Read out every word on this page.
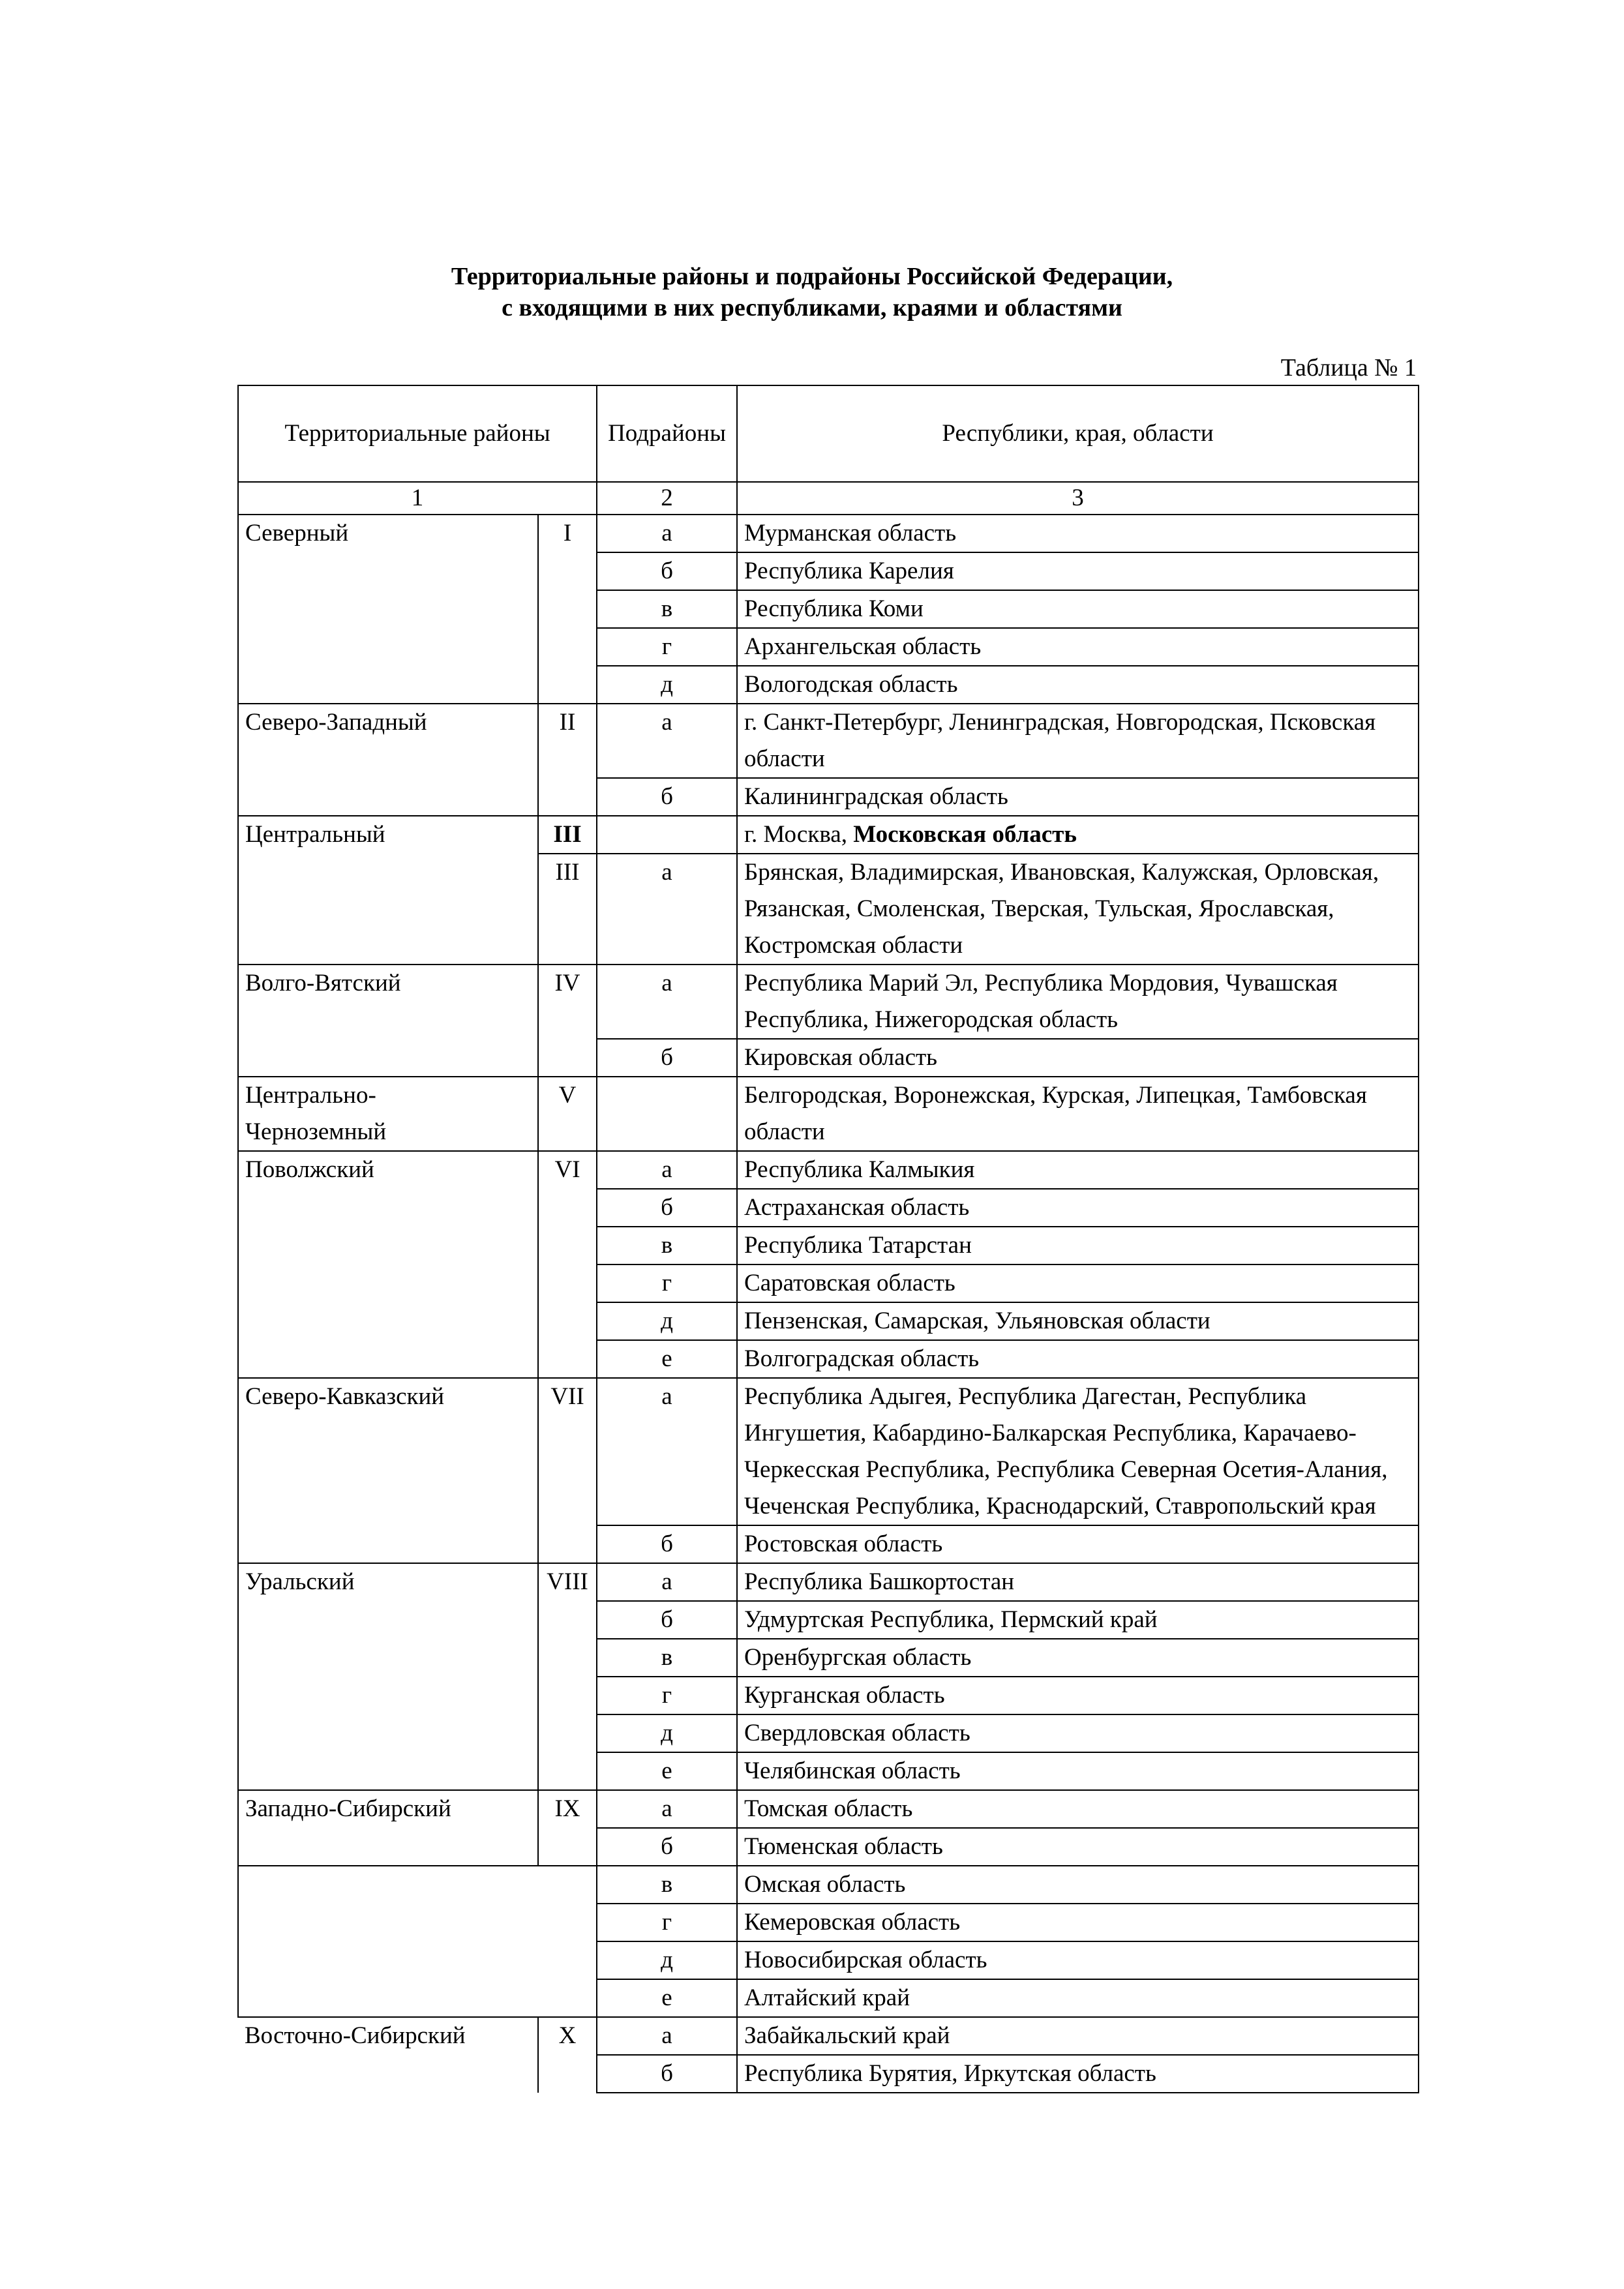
Территориальные районы и подрайоны Российской Федерации,
с входящими в них республиками, краями и областями
Таблица № 1
Территориальные районы		Подрайоны	Республики, края, области
1		2	3
Северный	I	а	Мурманская область
		б	Республика Карелия
		в	Республика Коми
		г	Архангельская область
		д	Вологодская область
Северо-Западный	II	а	г. Санкт-Петербург, Ленинградская, Новгородская, Псковская области
		б	Калининградская область
Центральный	III		г. Москва, Московская область
	III	а	Брянская, Владимирская, Ивановская, Калужская, Орловская, Рязанская, Смоленская, Тверская, Тульская, Ярославская, Костромская области
Волго-Вятский	IV	а	Республика Марий Эл, Республика Мордовия, Чувашская Республика, Нижегородская область
		б	Кировская область
Центрально-Черноземный	V		Белгородская, Воронежская, Курская, Липецкая, Тамбовская области
Поволжский	VI	а	Республика Калмыкия
		б	Астраханская область
		в	Республика Татарстан
		г	Саратовская область
		д	Пензенская, Самарская, Ульяновская области
		е	Волгоградская область
Северо-Кавказский	VII	а	Республика Адыгея, Республика Дагестан, Республика Ингушетия, Кабардино-Балкарская Республика, Карачаево-Черкесская Республика, Республика Северная Осетия-Алания, Чеченская Республика, Краснодарский, Ставропольский края
		б	Ростовская область
Уральский	VIII	а	Республика Башкортостан
		б	Удмуртская Республика, Пермский край
		в	Оренбургская область
		г	Курганская область
		д	Свердловская область
		е	Челябинская область
Западно-Сибирский	IX	а	Томская область
		б	Тюменская область
		в	Омская область
		г	Кемеровская область
		д	Новосибирская область
		е	Алтайский край
Восточно-Сибирский	X	а	Забайкальский край
		б	Республика Бурятия, Иркутская область
